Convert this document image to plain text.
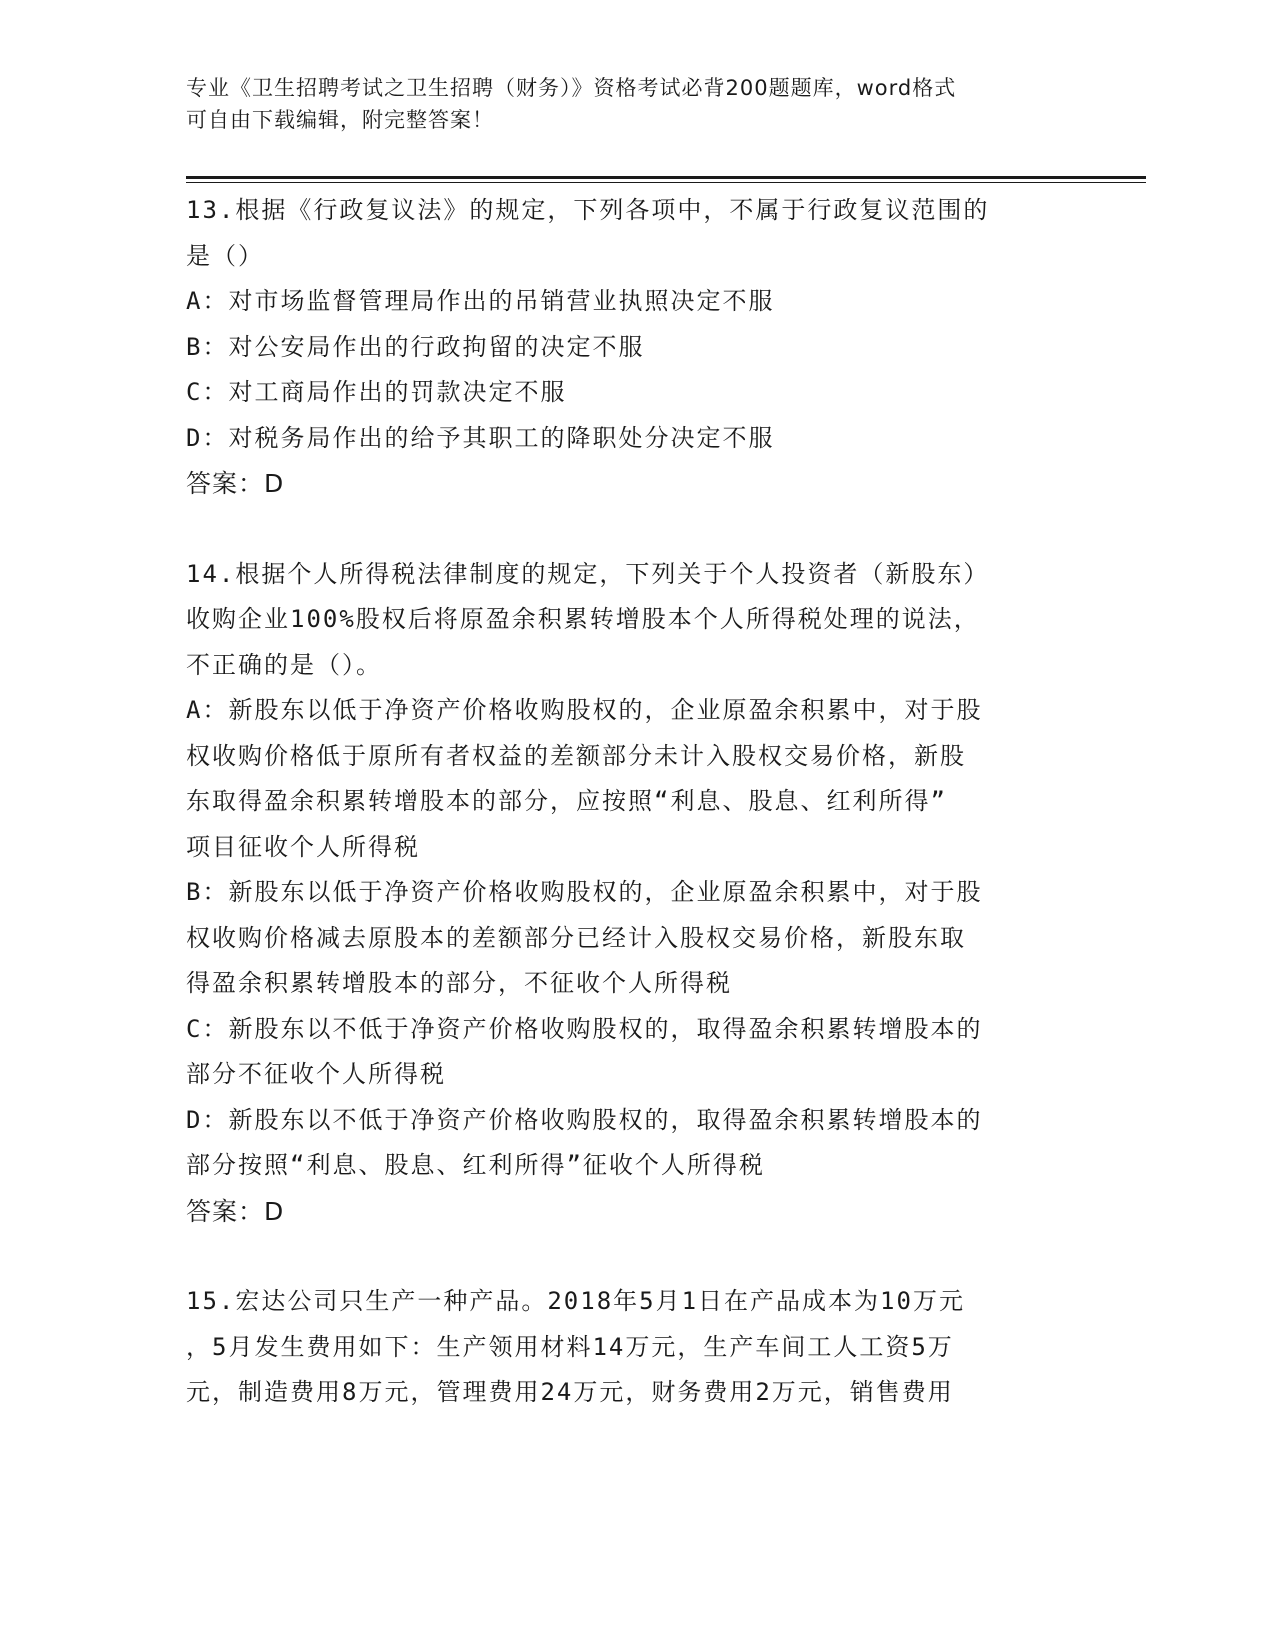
专业《卫生招聘考试之卫生招聘（财务）》资格考试必背200题题库，word格式
可自由下载编辑，附完整答案！
13.根据《行政复议法》的规定，下列各项中，不属于行政复议范围的
是（）
A：对市场监督管理局作出的吊销营业执照决定不服
B：对公安局作出的行政拘留的决定不服
C：对工商局作出的罚款决定不服
D：对税务局作出的给予其职工的降职处分决定不服
答案：D
14.根据个人所得税法律制度的规定，下列关于个人投资者（新股东）
收购企业100%股权后将原盈余积累转增股本个人所得税处理的说法，
不正确的是（）。
A：新股东以低于净资产价格收购股权的，企业原盈余积累中，对于股
权收购价格低于原所有者权益的差额部分未计入股权交易价格，新股
东取得盈余积累转增股本的部分，应按照“利息、股息、红利所得”
项目征收个人所得税
B：新股东以低于净资产价格收购股权的，企业原盈余积累中，对于股
权收购价格减去原股本的差额部分已经计入股权交易价格，新股东取
得盈余积累转增股本的部分，不征收个人所得税
C：新股东以不低于净资产价格收购股权的，取得盈余积累转增股本的
部分不征收个人所得税
D：新股东以不低于净资产价格收购股权的，取得盈余积累转增股本的
部分按照“利息、股息、红利所得”征收个人所得税
答案：D
15.宏达公司只生产一种产品。2018年5月1日在产品成本为10万元
，5月发生费用如下：生产领用材料14万元，生产车间工人工资5万
元，制造费用8万元，管理费用24万元，财务费用2万元，销售费用
